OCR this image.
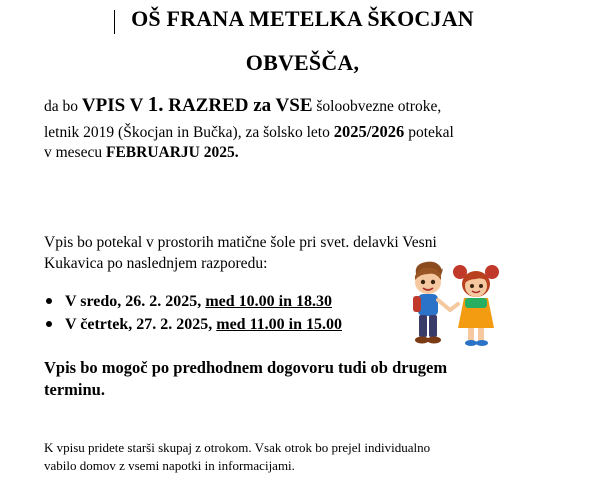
OŠ FRANA METELKA ŠKOCJAN
OBVEŠČA,
da bo VPIS V 1. RAZRED za VSE šoloobvezne otroke,
letnik 2019 (Škocjan in Bučka), za šolsko leto 2025/2026 potekal
v mesecu FEBRUARJU 2025.
Vpis bo potekal v prostorih matične šole pri svet. delavki Vesni
Kukavica po naslednjem razporedu:
V sredo, 26. 2. 2025, med 10.00 in 18.30
V četrtek, 27. 2. 2025, med 11.00 in 15.00
Vpis bo mogoč po predhodnem dogovoru tudi ob drugem
terminu.
K vpisu pridete starši skupaj z otrokom. Vsak otrok bo prejel individualno
vabilo domov z vsemi napotki in informacijami.
